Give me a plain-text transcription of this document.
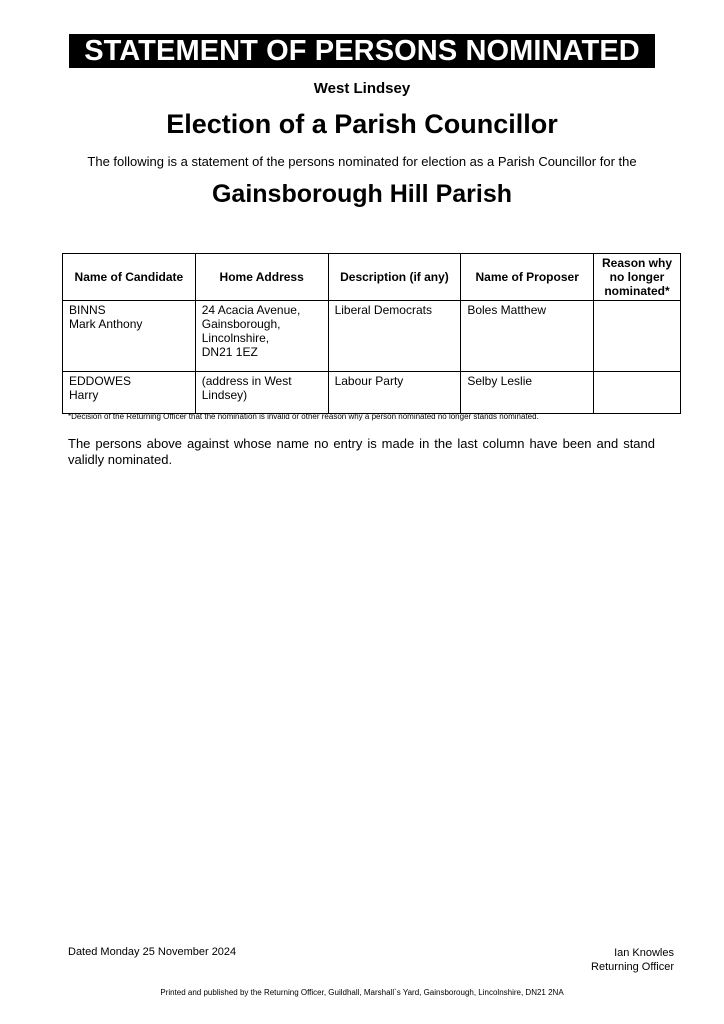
STATEMENT OF PERSONS NOMINATED
West Lindsey
Election of a Parish Councillor
The following is a statement of the persons nominated for election as a Parish Councillor for the
Gainsborough Hill Parish
Name of Candidate	Home Address	Description (if any)	Name of Proposer	Reason why no longer nominated*

BINNS
Mark Anthony	24 Acacia Avenue,
Gainsborough,
Lincolnshire,
DN21 1EZ	Liberal Democrats	Boles Matthew	

EDDOWES
Harry	(address in West
Lindsey)	Labour Party	Selby Leslie	
*Decision of the Returning Officer that the nomination is invalid or other reason why a person nominated no longer stands nominated.
The persons above against whose name no entry is made in the last column have been and stand validly nominated.
Dated Monday 25 November 2024	Ian Knowles
Returning Officer
Printed and published by the Returning Officer, Guildhall, Marshall`s Yard, Gainsborough, Lincolnshire, DN21 2NA
